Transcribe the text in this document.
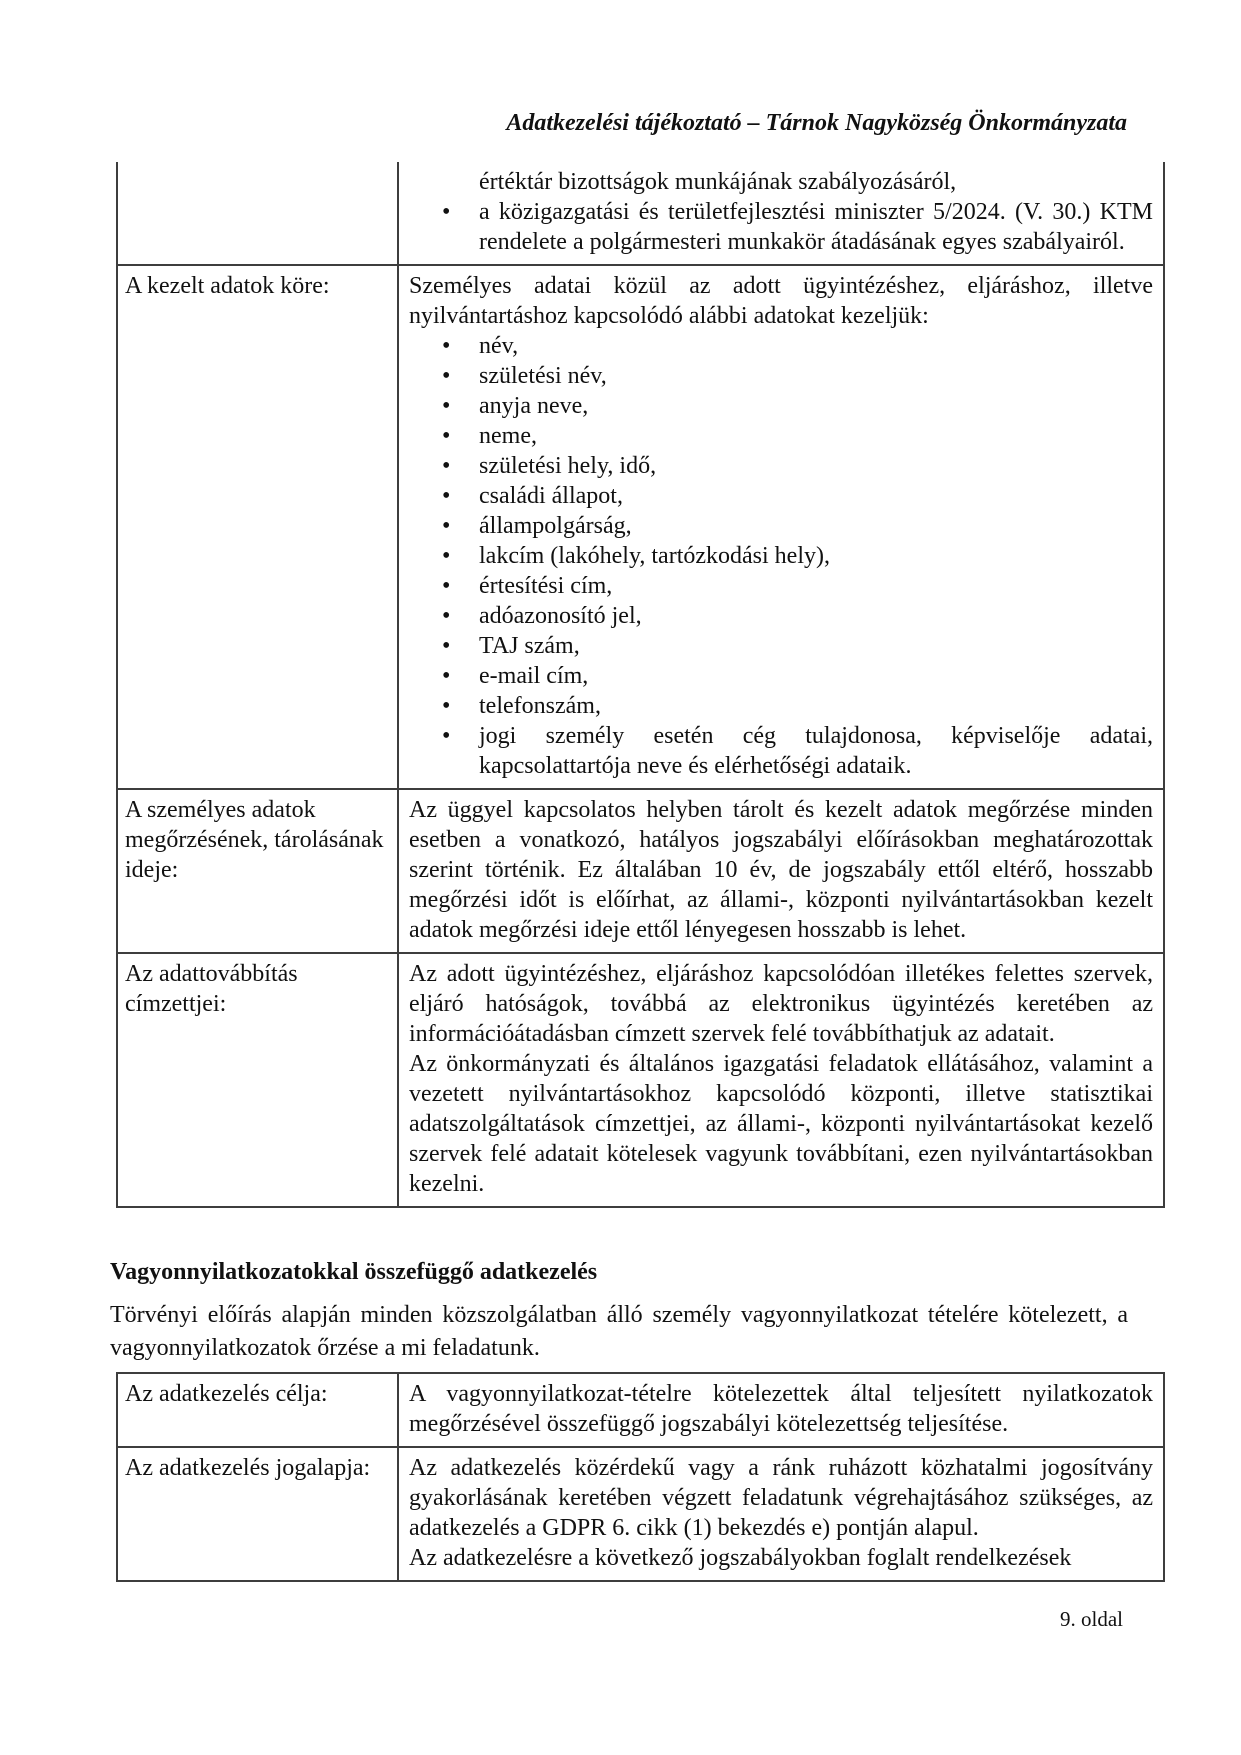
Adatkezelési tájékoztató – Tárnok Nagyközség Önkormányzata

értéktár bizottságok munkájának szabályozásáról,
• a közigazgatási és területfejlesztési miniszter 5/2024. (V. 30.) KTM rendelete a polgármesteri munkakör átadásának egyes szabályairól.

A kezelt adatok köre:	Személyes adatai közül az adott ügyintézéshez, eljáráshoz, illetve nyilvántartáshoz kapcsolódó alábbi adatokat kezeljük:

• név,
• születési név,
• anyja neve,
• neme,
• születési hely, idő,
• családi állapot,
• állampolgárság,
• lakcím (lakóhely, tartózkodási hely),
• értesítési cím,
• adóazonosító jel,
• TAJ szám,
• e-mail cím,
• telefonszám,
• jogi személy esetén cég tulajdonosa, képviselője adatai, kapcsolattartója neve és elérhetőségi adataik.

A személyes adatok megőrzésének, tárolásának ideje:	Az üggyel kapcsolatos helyben tárolt és kezelt adatok megőrzése minden esetben a vonatkozó, hatályos jogszabályi előírásokban meghatározottak szerint történik. Ez általában 10 év, de jogszabály ettől eltérő, hosszabb megőrzési időt is előírhat, az állami-, központi nyilvántartásokban kezelt adatok megőrzési ideje ettől lényegesen hosszabb is lehet.

Az adattovábbítás címzettjei:	Az adott ügyintézéshez, eljáráshoz kapcsolódóan illetékes felettes szervek, eljáró hatóságok, továbbá az elektronikus ügyintézés keretében az információátadásban címzett szervek felé továbbíthatjuk az adatait.

Az önkormányzati és általános igazgatási feladatok ellátásához, valamint a vezetett nyilvántartásokhoz kapcsolódó központi, illetve statisztikai adatszolgáltatások címzettjei, az állami-, központi nyilvántartásokat kezelő szervek felé adatait kötelesek vagyunk továbbítani, ezen nyilvántartásokban kezelni.

Vagyonnyilatkozatokkal összefüggő adatkezelés

Törvényi előírás alapján minden közszolgálatban álló személy vagyonnyilatkozat tételére kötelezett, a vagyonnyilatkozatok őrzése a mi feladatunk.

Az adatkezelés célja:	A vagyonnyilatkozat-tételre kötelezettek által teljesített nyilatkozatok megőrzésével összefüggő jogszabályi kötelezettség teljesítése.

Az adatkezelés jogalapja:	Az adatkezelés közérdekű vagy a ránk ruházott közhatalmi jogosítvány gyakorlásának keretében végzett feladatunk végrehajtásához szükséges, az adatkezelés a GDPR 6. cikk (1) bekezdés e) pontján alapul.

Az adatkezelésre a következő jogszabályokban foglalt rendelkezések

9. oldal
